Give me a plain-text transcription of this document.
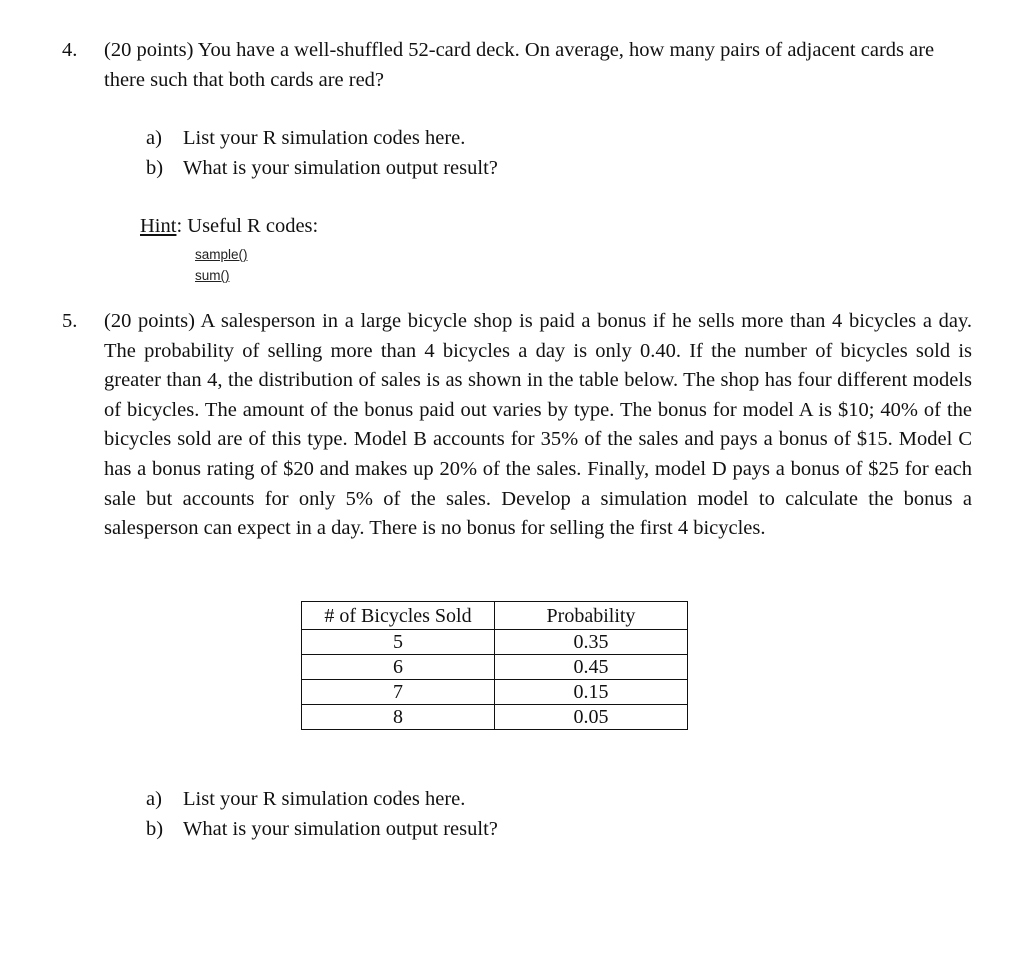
4. (20 points) You have a well-shuffled 52-card deck. On average, how many pairs of adjacent cards are there such that both cards are red?
a)	List your R simulation codes here.
b) What is your simulation output result?
Hint: Useful R codes:
sample()
sum()
5. (20 points) A salesperson in a large bicycle shop is paid a bonus if he sells more than 4 bicycles a day. The probability of selling more than 4 bicycles a day is only 0.40. If the number of bicycles sold is greater than 4, the distribution of sales is as shown in the table below. The shop has four different models of bicycles. The amount of the bonus paid out varies by type. The bonus for model A is $10; 40% of the bicycles sold are of this type. Model B accounts for 35% of the sales and pays a bonus of $15. Model C has a bonus rating of $20 and makes up 20% of the sales. Finally, model D pays a bonus of $25 for each sale but accounts for only 5% of the sales. Develop a simulation model to calculate the bonus a salesperson can expect in a day. There is no bonus for selling the first 4 bicycles.
# of Bicycles Sold	Probability
5	0.35
6	0.45
7	0.15
8	0.05
a)	List your R simulation codes here.
b) What is your simulation output result?
